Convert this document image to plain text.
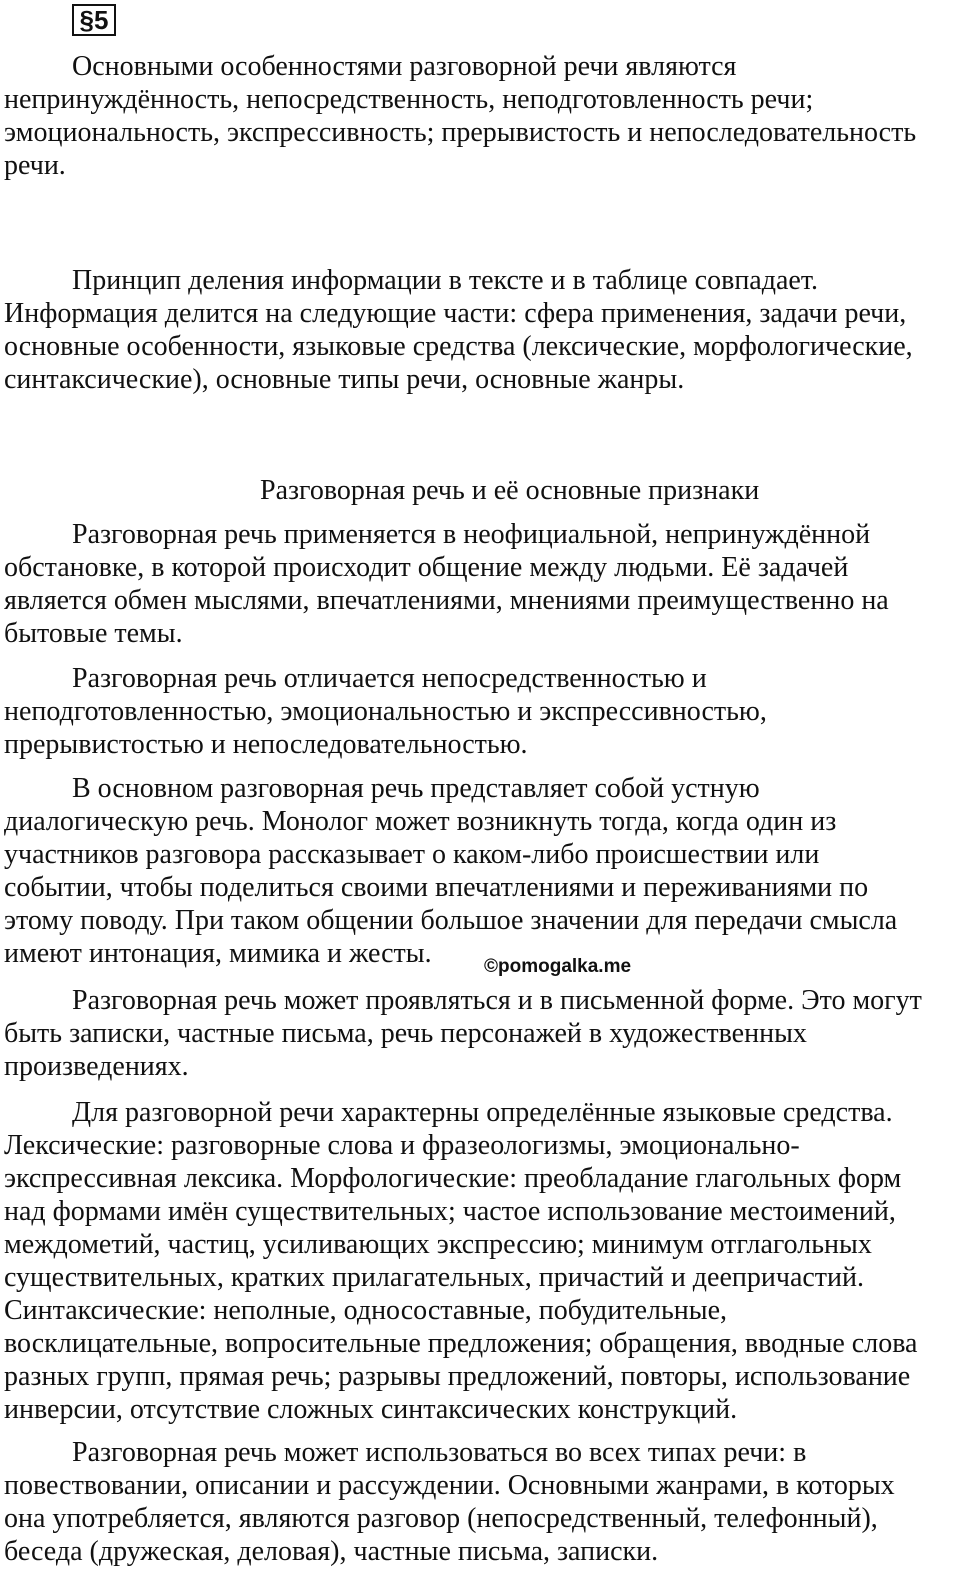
§5
Основными особенностями разговорной речи являются
непринуждённость, непосредственность, неподготовленность речи;
эмоциональность, экспрессивность; прерывистость и непоследовательность
речи.
Принцип деления информации в тексте и в таблице совпадает.
Информация делится на следующие части: сфера применения, задачи речи,
основные особенности, языковые средства (лексические, морфологические,
синтаксические), основные типы речи, основные жанры.
Разговорная речь и её основные признаки
Разговорная речь применяется в неофициальной, непринуждённой
обстановке, в которой происходит общение между людьми. Её задачей
является обмен мыслями, впечатлениями, мнениями преимущественно на
бытовые темы.
Разговорная речь отличается непосредственностью и
неподготовленностью, эмоциональностью и экспрессивностью,
прерывистостью и непоследовательностью.
В основном разговорная речь представляет собой устную
диалогическую речь. Монолог может возникнуть тогда, когда один из
участников разговора рассказывает о каком-либо происшествии или
событии, чтобы поделиться своими впечатлениями и переживаниями по
этому поводу. При таком общении большое значении для передачи смысла
имеют интонация, мимика и жесты.	©pomogalka.me
Разговорная речь может проявляться и в письменной форме. Это могут
быть записки, частные письма, речь персонажей в художественных
произведениях.
Для разговорной речи характерны определённые языковые средства.
Лексические: разговорные слова и фразеологизмы, эмоционально-
экспрессивная лексика. Морфологические: преобладание глагольных форм
над формами имён существительных; частое использование местоимений,
междометий, частиц, усиливающих экспрессию; минимум отглагольных
существительных, кратких прилагательных, причастий и деепричастий.
Синтаксические: неполные, односоставные, побудительные,
восклицательные, вопросительные предложения; обращения, вводные слова
разных групп, прямая речь; разрывы предложений, повторы, использование
инверсии, отсутствие сложных синтаксических конструкций.
Разговорная речь может использоваться во всех типах речи: в
повествовании, описании и рассуждении. Основными жанрами, в которых
она употребляется, являются разговор (непосредственный, телефонный),
беседа (дружеская, деловая), частные письма, записки.
